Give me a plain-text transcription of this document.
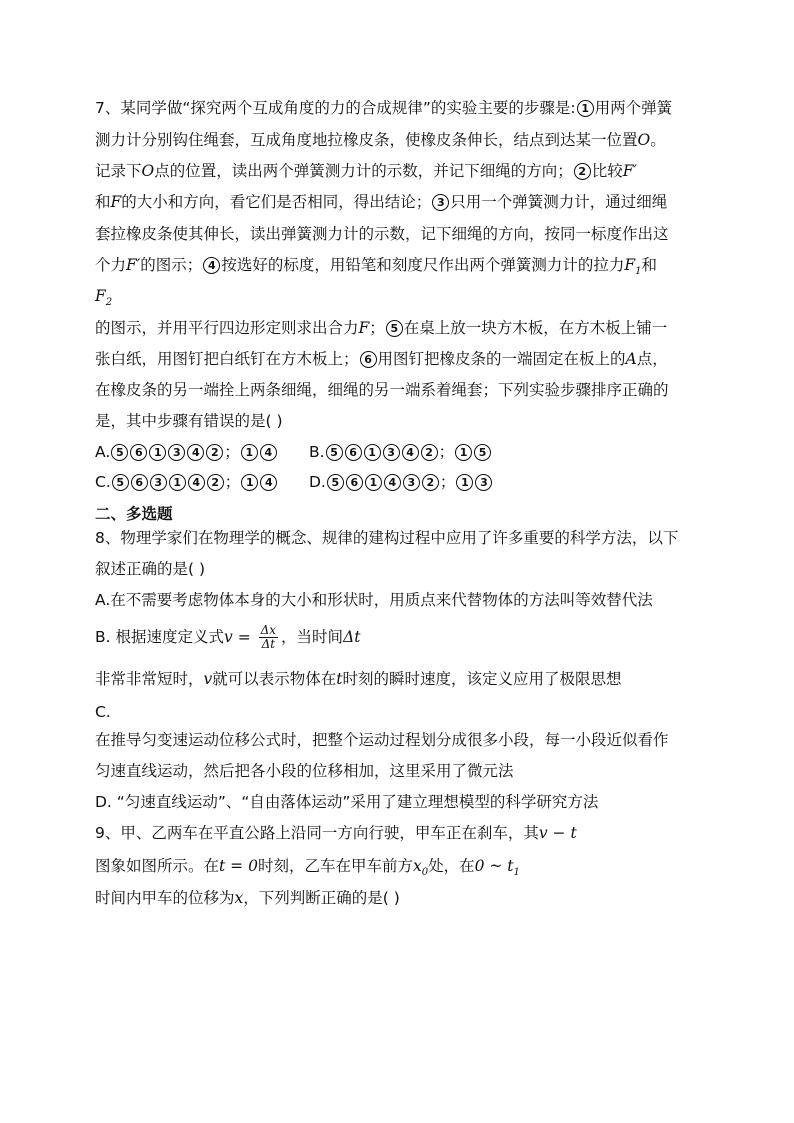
7、某同学做“探究两个互成角度的力的合成规律”的实验主要的步骤是: 1 用两个弹簧
测力计分别钩住绳套，互成角度地拉橡皮条，使橡皮条伸长，结点到达某一位置O。
记录下O点的位置，读出两个弹簧测力计的示数，并记下细绳的方向； 2 比较F′
和F的大小和方向，看它们是否相同，得出结论； 3 只用一个弹簧测力计，通过细绳
套拉橡皮条使其伸长，读出弹簧测力计的示数，记下细绳的方向，按同一标度作出这
个力F′的图示； 4 按选好的标度，用铅笔和刻度尺作出两个弹簧测力计的拉力$F_1$和
$F_2$
的图示，并用平行四边形定则求出合力F； 5 在桌上放一块方木板，在方木板上铺一
张白纸，用图钉把白纸钉在方木板上； 6 用图钉把橡皮条的一端固定在板上的A点，
在橡皮条的另一端拴上两条细绳，细绳的另一端系着绳套；下列实验步骤排序正确的
是，其中步骤有错误的是( )
A. 5 6 1 3 4 2 ； 1 4	B. 5 6 1 3 4 2 ； 1 5
C. 5 6 3 1 4 2 ； 1 4	D. 5 6 1 4 3 2 ； 1 3
二、多选题
8、物理学家们在物理学的概念、规律的建构过程中应用了许多重要的科学方法，以下
叙述正确的是( )
A.在不需要考虑物体本身的大小和形状时，用质点来代替物体的方法叫等效替代法
B. 根据速度定义式$v = \frac{\Delta x}{\Delta t}$ ，当时间Δt
非常非常短时，v就可以表示物体在t时刻的瞬时速度，该定义应用了极限思想
C.
在推导匀变速运动位移公式时，把整个运动过程划分成很多小段，每一小段近似看作
匀速直线运动，然后把各小段的位移相加，这里采用了微元法
D. “匀速直线运动”、“自由落体运动”采用了建立理想模型的科学研究方法
9、甲、乙两车在平直公路上沿同一方向行驶，甲车正在刹车，其v − t
图象如图所示。在t = 0时刻，乙车在甲车前方$x_0$处，在0 ~ $t_1$
时间内甲车的位移为x，下列判断正确的是( )
